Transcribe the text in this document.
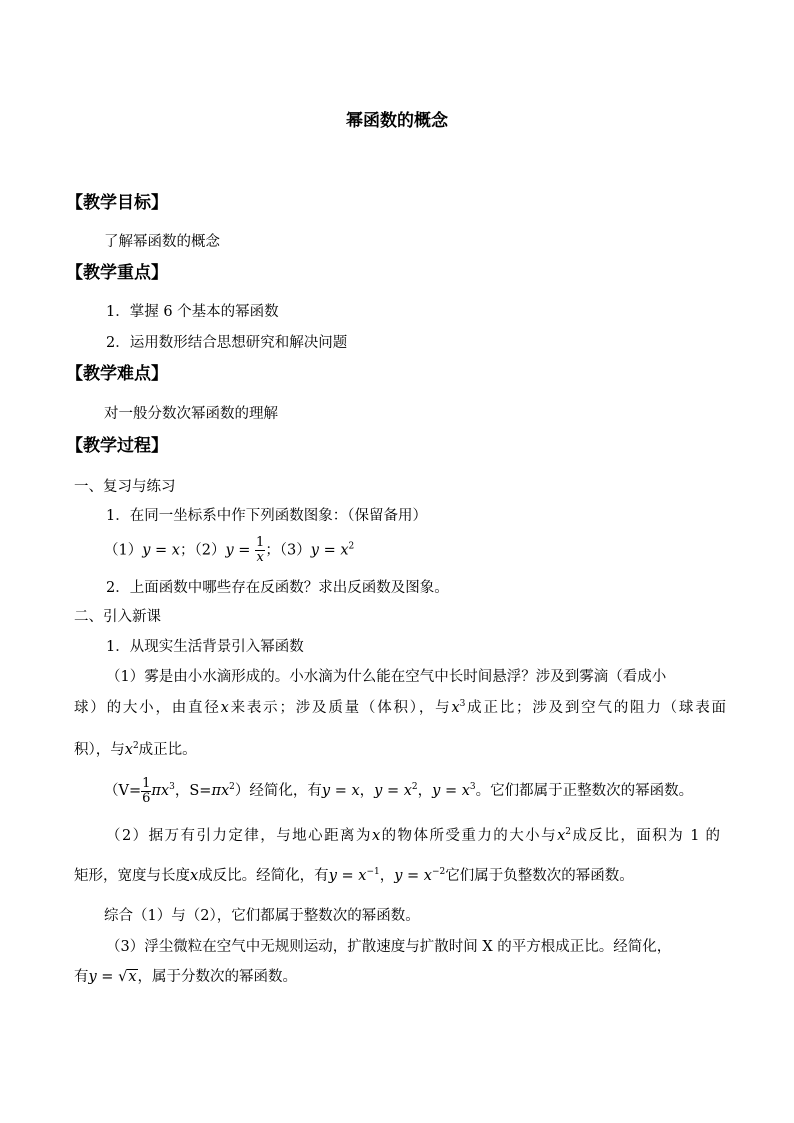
幂函数的概念
【教学目标】
了解幂函数的概念
【教学重点】
1．掌握 6 个基本的幂函数
2．运用数形结合思想研究和解决问题
【教学难点】
对一般分数次幂函数的理解
【教学过程】
一、复习与练习
1．在同一坐标系中作下列函数图象：（保留备用）
（1）y = x；$(2)y = \frac{1}{x}$ ；$(3)y = x^2$
2．上面函数中哪些存在反函数？求出反函数及图象。
二、引入新课
1．从现实生活背景引入幂函数
（1）雾是由小水滴形成的。小水滴为什么能在空气中长时间悬浮？涉及到雾滴（看成小
球）的大小，由直径x来表示；涉及质量（体积），与$x^3$成正比；涉及到空气的阻力（球表面
积），与$x^2$成正比。
（$V= \frac{1}{6} \pi x^3$，$S=\pi x^2$）经简化，有y = x，$y = x^2$，$y = x^3$。它们都属于正整数次的幂函数。
（2）据万有引力定律，与地心距离为x的物体所受重力的大小与$x^2$成反比，面积为 1 的
矩形，宽度与长度x成反比。经简化，有$y = x^{-1}$，$y = x^{-2}$它们属于负整数次的幂函数。
综合（1）与（2），它们都属于整数次的幂函数。
（3）浮尘微粒在空气中无规则运动，扩散速度与扩散时间 X 的平方根成正比。经简化，
有y = √x，属于分数次的幂函数。
